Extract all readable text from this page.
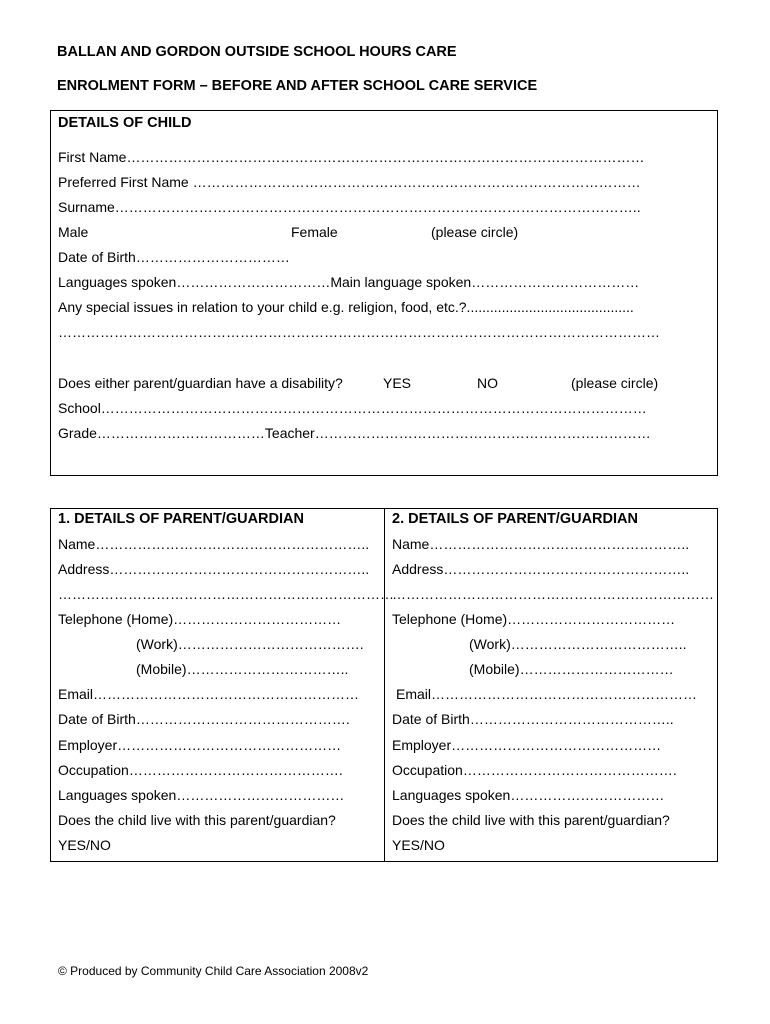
BALLAN AND GORDON OUTSIDE SCHOOL HOURS CARE
ENROLMENT FORM – BEFORE AND AFTER SCHOOL CARE SERVICE
DETAILS OF CHILD
First Name…………………………………………………………………………………………………
Preferred First Name ……………………………………………………………………………………
Surname…………………………………………………………………………………………………..
Male	Female	(please circle)
Date of Birth……………………………
Languages spoken……………………………Main language spoken………………………………
Any special issues in relation to your child e.g. religion, food, etc.?...........................................
…………………………………………………………………………………………………………………
Does either parent/guardian have a disability?	YES	NO	(please circle)
School………………………………………………………………………………………………………
Grade………………………………Teacher………………………………………………………………
1. DETAILS OF PARENT/GUARDIAN
Name…………………………………………………..
Address………………………………………………..
………………………………………………………………
Telephone (Home)………………………………
(Work)………………………………….
(Mobile)……………………………..
Email…………………………………………………
Date of Birth……………………………………….
Employer…………………………………………
Occupation……………………………………….
Languages spoken………………………………
Does the child live with this parent/guardian?
YES/NO
2. DETAILS OF PARENT/GUARDIAN
Name………………………………………………..
Address……………………………………………..
……………………………………………………………
Telephone (Home)………………………………
(Work)………………………………..
(Mobile)……………………………
Email…………………………………………………
Date of Birth……………………………………..
Employer………………………………………
Occupation……………………………………….
Languages spoken……………………………
Does the child live with this parent/guardian?
YES/NO
© Produced by Community Child Care Association 2008v2
